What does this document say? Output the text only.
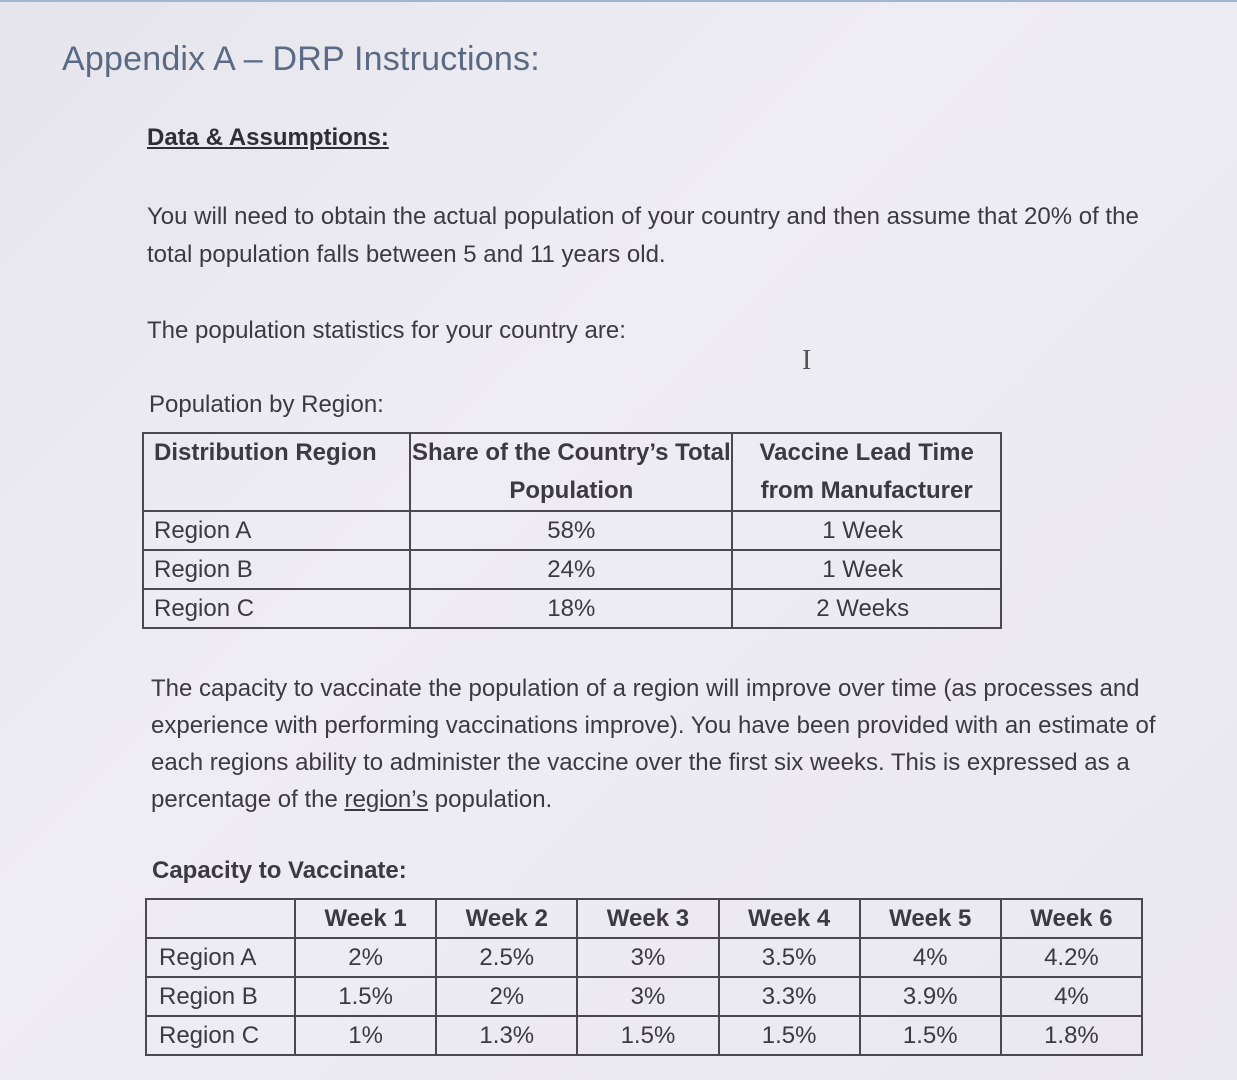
Appendix A – DRP Instructions:
Data & Assumptions:
You will need to obtain the actual population of your country and then assume that 20% of the total population falls between 5 and 11 years old.
The population statistics for your country are:
I
Population by Region:
Distribution Region	Share of the Country’s Total Population	Vaccine Lead Time from Manufacturer
Region A	58%	1 Week
Region B	24%	1 Week
Region C	18%	2 Weeks
The capacity to vaccinate the population of a region will improve over time (as processes and experience with performing vaccinations improve). You have been provided with an estimate of each regions ability to administer the vaccine over the first six weeks. This is expressed as a percentage of the region’s population.
Capacity to Vaccinate:
	Week 1	Week 2	Week 3	Week 4	Week 5	Week 6
Region A	2%	2.5%	3%	3.5%	4%	4.2%
Region B	1.5%	2%	3%	3.3%	3.9%	4%
Region C	1%	1.3%	1.5%	1.5%	1.5%	1.8%
